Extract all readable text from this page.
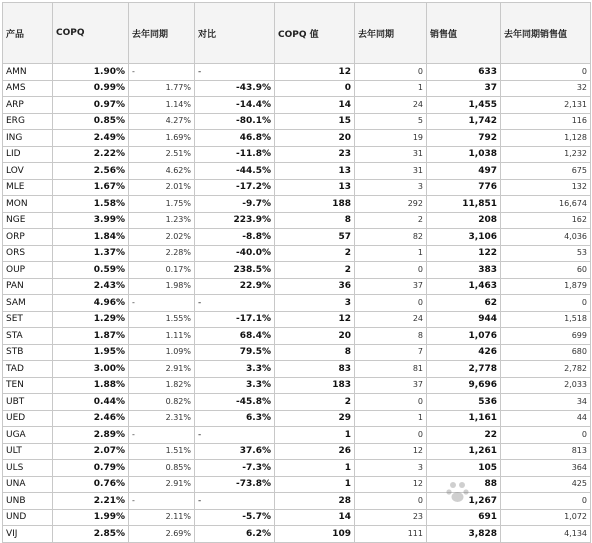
产品	COPQ	去年同期	对比	COPQ 值	去年同期	销售值	去年同期销售值
AMN	1.90%	-	-	12	0	633	0
AMS	0.99%	1.77%	-43.9%	0	1	37	32
ARP	0.97%	1.14%	-14.4%	14	24	1,455	2,131
ERG	0.85%	4.27%	-80.1%	15	5	1,742	116
ING	2.49%	1.69%	46.8%	20	19	792	1,128
LID	2.22%	2.51%	-11.8%	23	31	1,038	1,232
LOV	2.56%	4.62%	-44.5%	13	31	497	675
MLE	1.67%	2.01%	-17.2%	13	3	776	132
MON	1.58%	1.75%	-9.7%	188	292	11,851	16,674
NGE	3.99%	1.23%	223.9%	8	2	208	162
ORP	1.84%	2.02%	-8.8%	57	82	3,106	4,036
ORS	1.37%	2.28%	-40.0%	2	1	122	53
OUP	0.59%	0.17%	238.5%	2	0	383	60
PAN	2.43%	1.98%	22.9%	36	37	1,463	1,879
SAM	4.96%	-	-	3	0	62	0
SET	1.29%	1.55%	-17.1%	12	24	944	1,518
STA	1.87%	1.11%	68.4%	20	8	1,076	699
STB	1.95%	1.09%	79.5%	8	7	426	680
TAD	3.00%	2.91%	3.3%	83	81	2,778	2,782
TEN	1.88%	1.82%	3.3%	183	37	9,696	2,033
UBT	0.44%	0.82%	-45.8%	2	0	536	34
UED	2.46%	2.31%	6.3%	29	1	1,161	44
UGA	2.89%	-	-	1	0	22	0
ULT	2.07%	1.51%	37.6%	26	12	1,261	813
ULS	0.79%	0.85%	-7.3%	1	3	105	364
UNA	0.76%	2.91%	-73.8%	1	12	88	425
UNB	2.21%	-	-	28	0	1,267	0
UND	1.99%	2.11%	-5.7%	14	23	691	1,072
VIJ	2.85%	2.69%	6.2%	109	111	3,828	4,134
